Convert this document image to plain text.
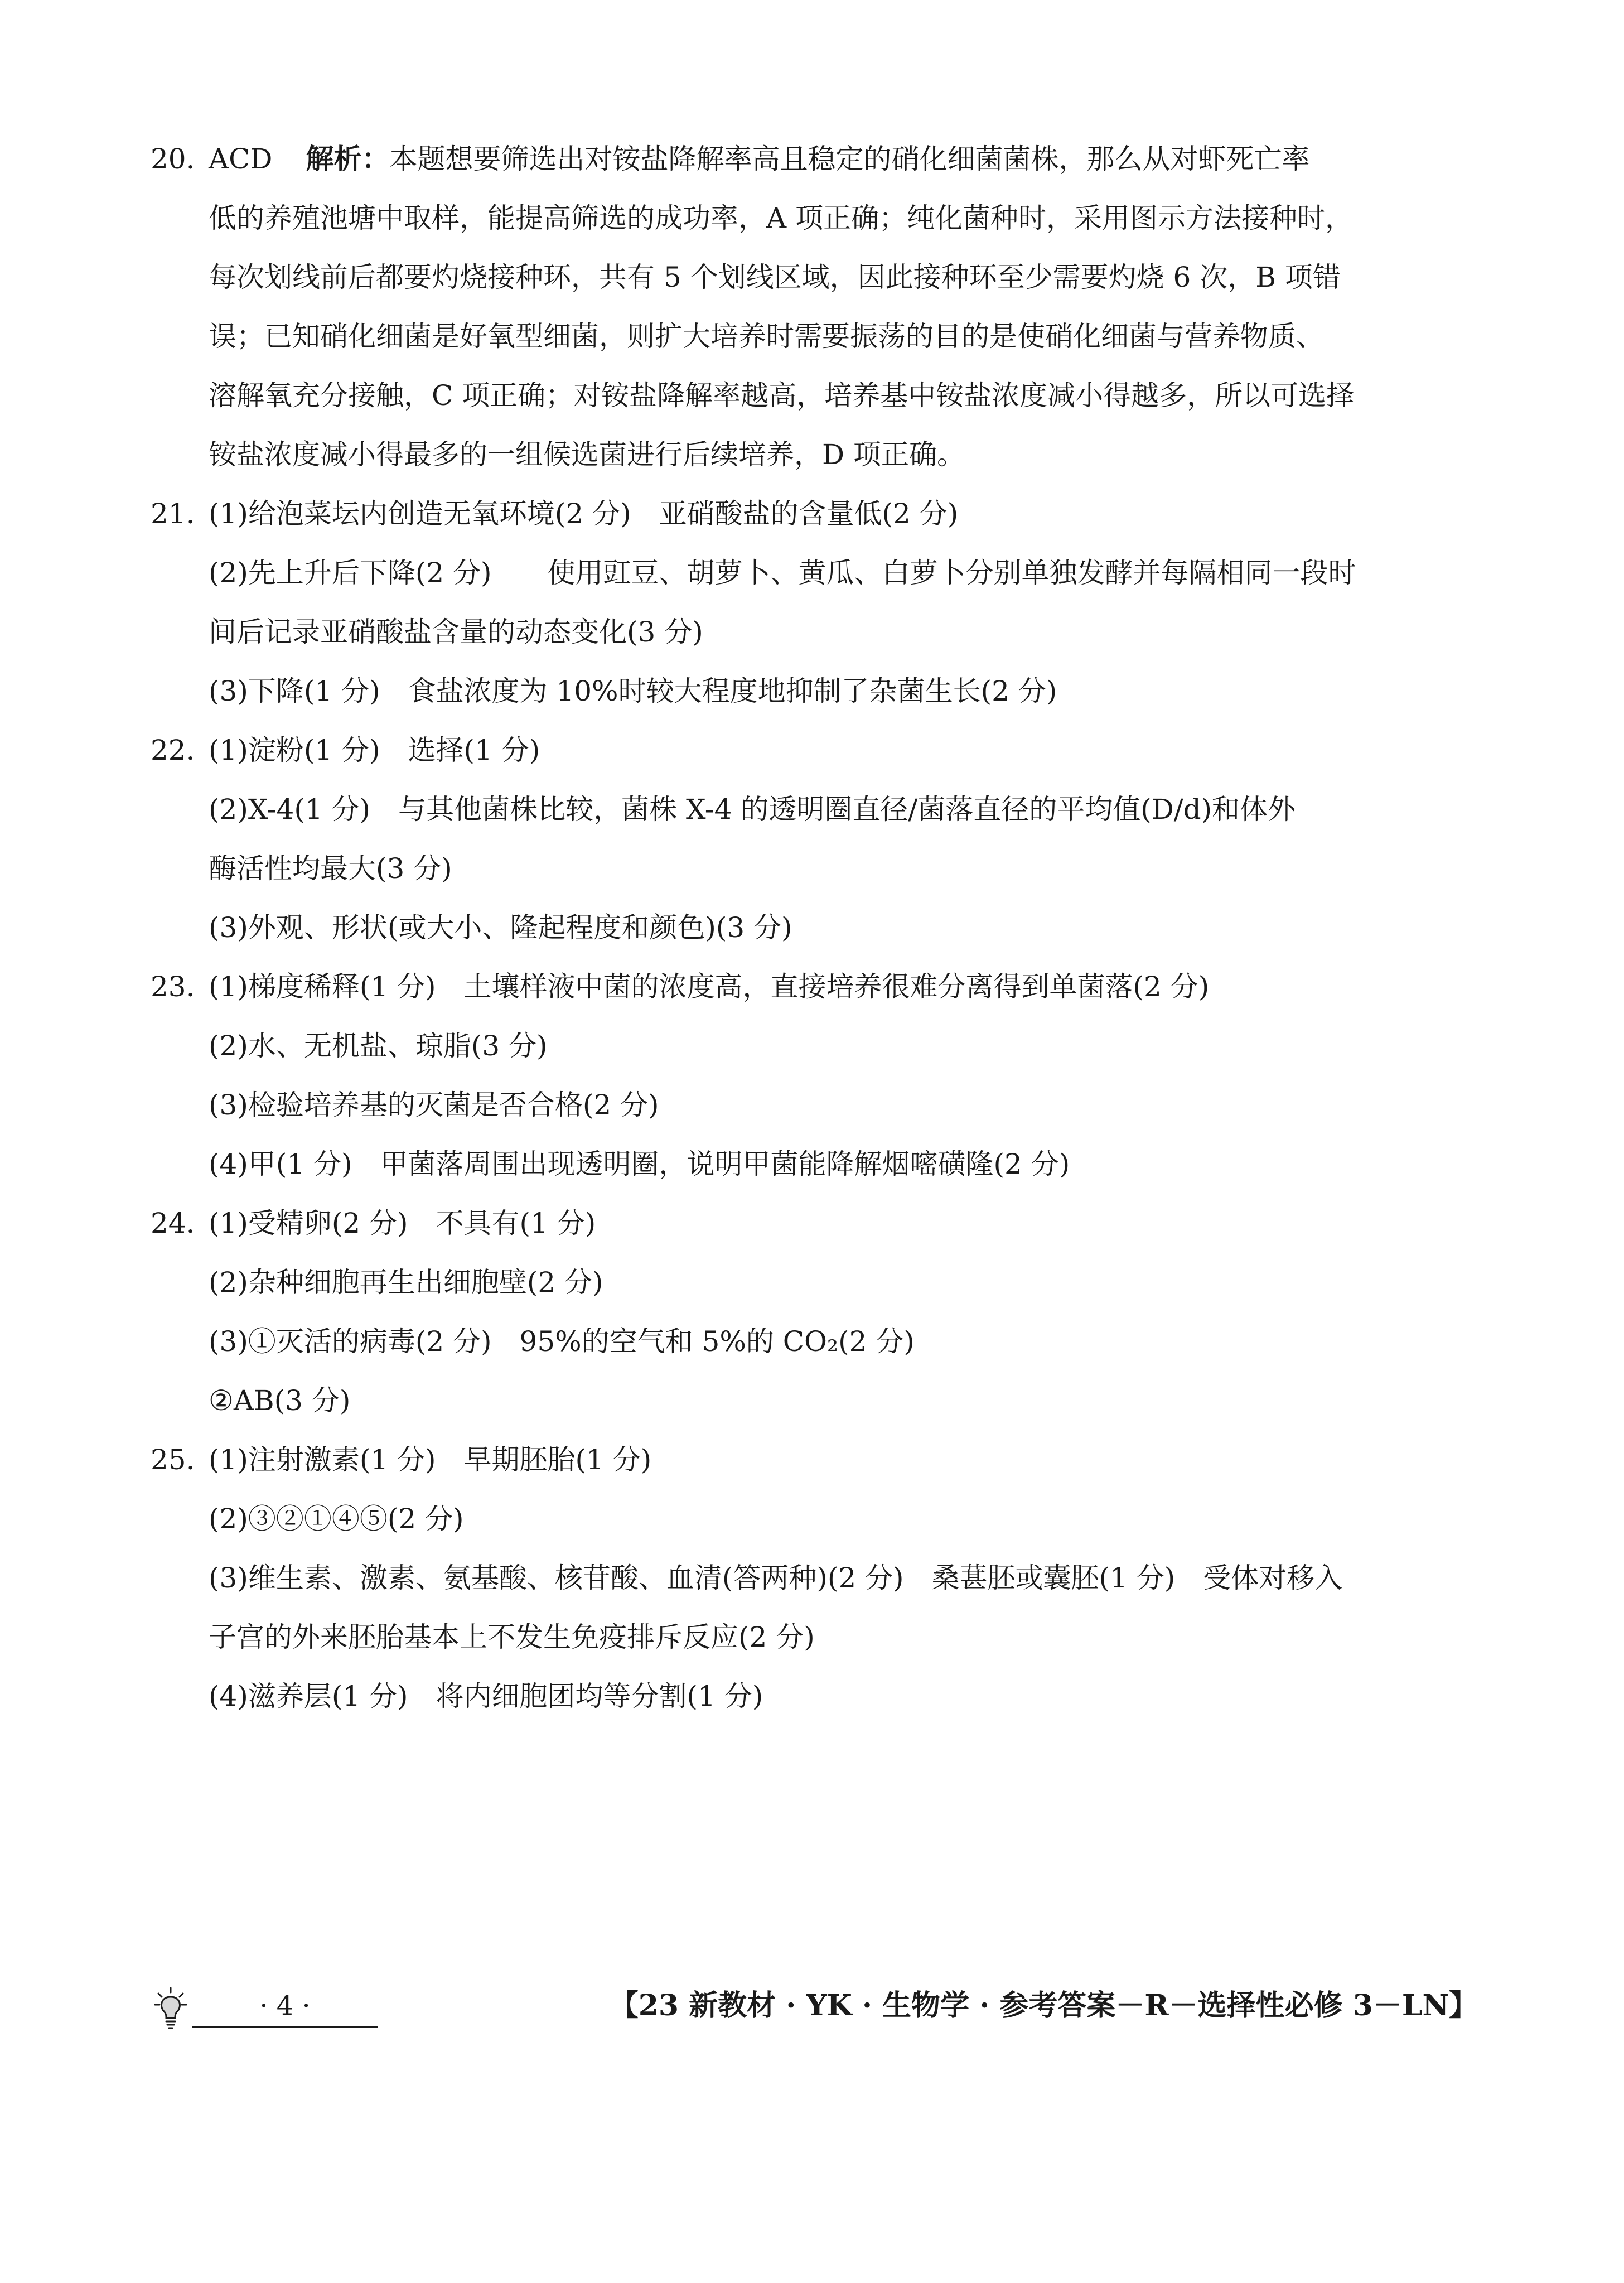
20. ACD 解析：本题想要筛选出对铵盐降解率高且稳定的硝化细菌菌株，那么从对虾死亡率
低的养殖池塘中取样，能提高筛选的成功率，A 项正确；纯化菌种时，采用图示方法接种时，
每次划线前后都要灼烧接种环，共有 5 个划线区域，因此接种环至少需要灼烧 6 次，B 项错
误；已知硝化细菌是好氧型细菌，则扩大培养时需要振荡的目的是使硝化细菌与营养物质、
溶解氧充分接触，C 项正确；对铵盐降解率越高，培养基中铵盐浓度减小得越多，所以可选择
铵盐浓度减小得最多的一组候选菌进行后续培养，D 项正确。
21. (1)给泡菜坛内创造无氧环境(2 分)　亚硝酸盐的含量低(2 分)
(2)先上升后下降(2 分)　　使用豇豆、胡萝卜、黄瓜、白萝卜分别单独发酵并每隔相同一段时
间后记录亚硝酸盐含量的动态变化(3 分)
(3)下降(1 分)　食盐浓度为 10%时较大程度地抑制了杂菌生长(2 分)
22. (1)淀粉(1 分)　选择(1 分)
(2)X-4(1 分)　与其他菌株比较，菌株 X-4 的透明圈直径/菌落直径的平均值(D/d)和体外
酶活性均最大(3 分)
(3)外观、形状(或大小、隆起程度和颜色)(3 分)
23. (1)梯度稀释(1 分)　土壤样液中菌的浓度高，直接培养很难分离得到单菌落(2 分)
(2)水、无机盐、琼脂(3 分)
(3)检验培养基的灭菌是否合格(2 分)
(4)甲(1 分)　甲菌落周围出现透明圈，说明甲菌能降解烟嘧磺隆(2 分)
24. (1)受精卵(2 分)　不具有(1 分)
(2)杂种细胞再生出细胞壁(2 分)
(3)①灭活的病毒(2 分)　95%的空气和 5%的 CO₂(2 分)
②AB(3 分)
25. (1)注射激素(1 分)　早期胚胎(1 分)
(2)③②①④⑤(2 分)
(3)维生素、激素、氨基酸、核苷酸、血清(答两种)(2 分)　桑葚胚或囊胚(1 分)　受体对移入
子宫的外来胚胎基本上不发生免疫排斥反应(2 分)
(4)滋养层(1 分)　将内细胞团均等分割(1 分)
· 4 ·	【23 新教材 · YK · 生物学 · 参考答案－R－选择性必修 3－LN】
